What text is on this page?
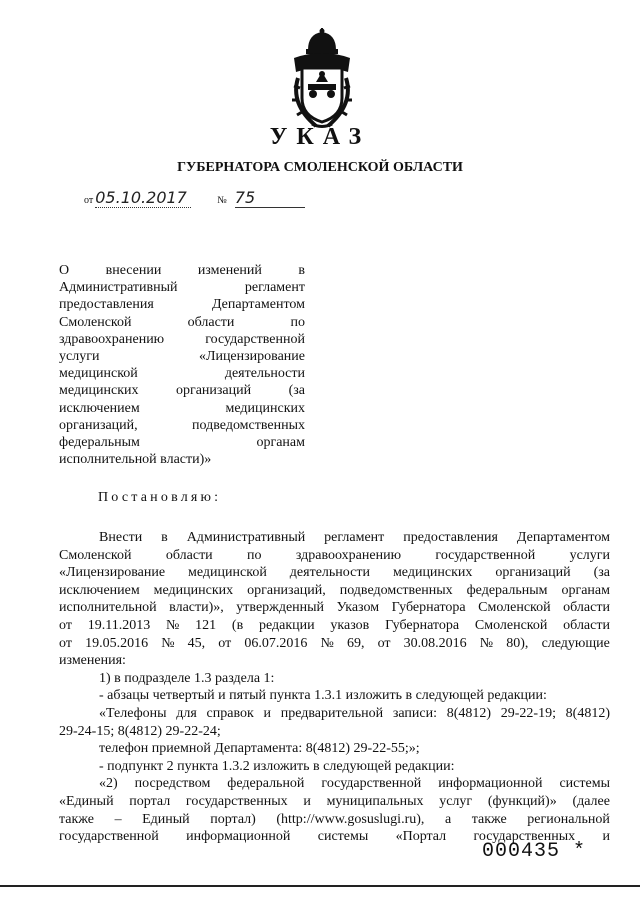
УКАЗ
ГУБЕРНАТОРА СМОЛЕНСКОЙ ОБЛАСТИ
от 05.10.2017	№ 75
О	внесении	изменений	в
Административный	регламент
предоставления	Департаментом
Смоленской	области	по
здравоохранению	государственной
услуги	«Лицензирование
медицинской	деятельности
медицинских	организаций	(за
исключением	медицинских
организаций,	подведомственных
федеральным	органам
исполнительной власти)»
Постановляю:
Внести в Административный регламент предоставления Департаментом
Смоленской области по здравоохранению государственной услуги
«Лицензирование медицинской деятельности медицинских организаций (за
исключением медицинских организаций, подведомственных федеральным органам
исполнительной власти)», утвержденный Указом Губернатора Смоленской области
от 19.11.2013 № 121 (в редакции указов Губернатора Смоленской области
от 19.05.2016 № 45, от 06.07.2016 № 69, от 30.08.2016 № 80), следующие
изменения:
1) в подразделе 1.3 раздела 1:
- абзацы четвертый и пятый пункта 1.3.1 изложить в следующей редакции:
«Телефоны для справок и предварительной записи: 8(4812) 29-22-19; 8(4812)
29-24-15; 8(4812) 29-22-24;
телефон приемной Департамента: 8(4812) 29-22-55;»;
- подпункт 2 пункта 1.3.2 изложить в следующей редакции:
«2) посредством федеральной государственной информационной системы
«Единый портал государственных и муниципальных услуг (функций)» (далее
также – Единый портал) (http://www.gosuslugi.ru), а также региональной
государственной информационной системы «Портал государственных и
000435 *
